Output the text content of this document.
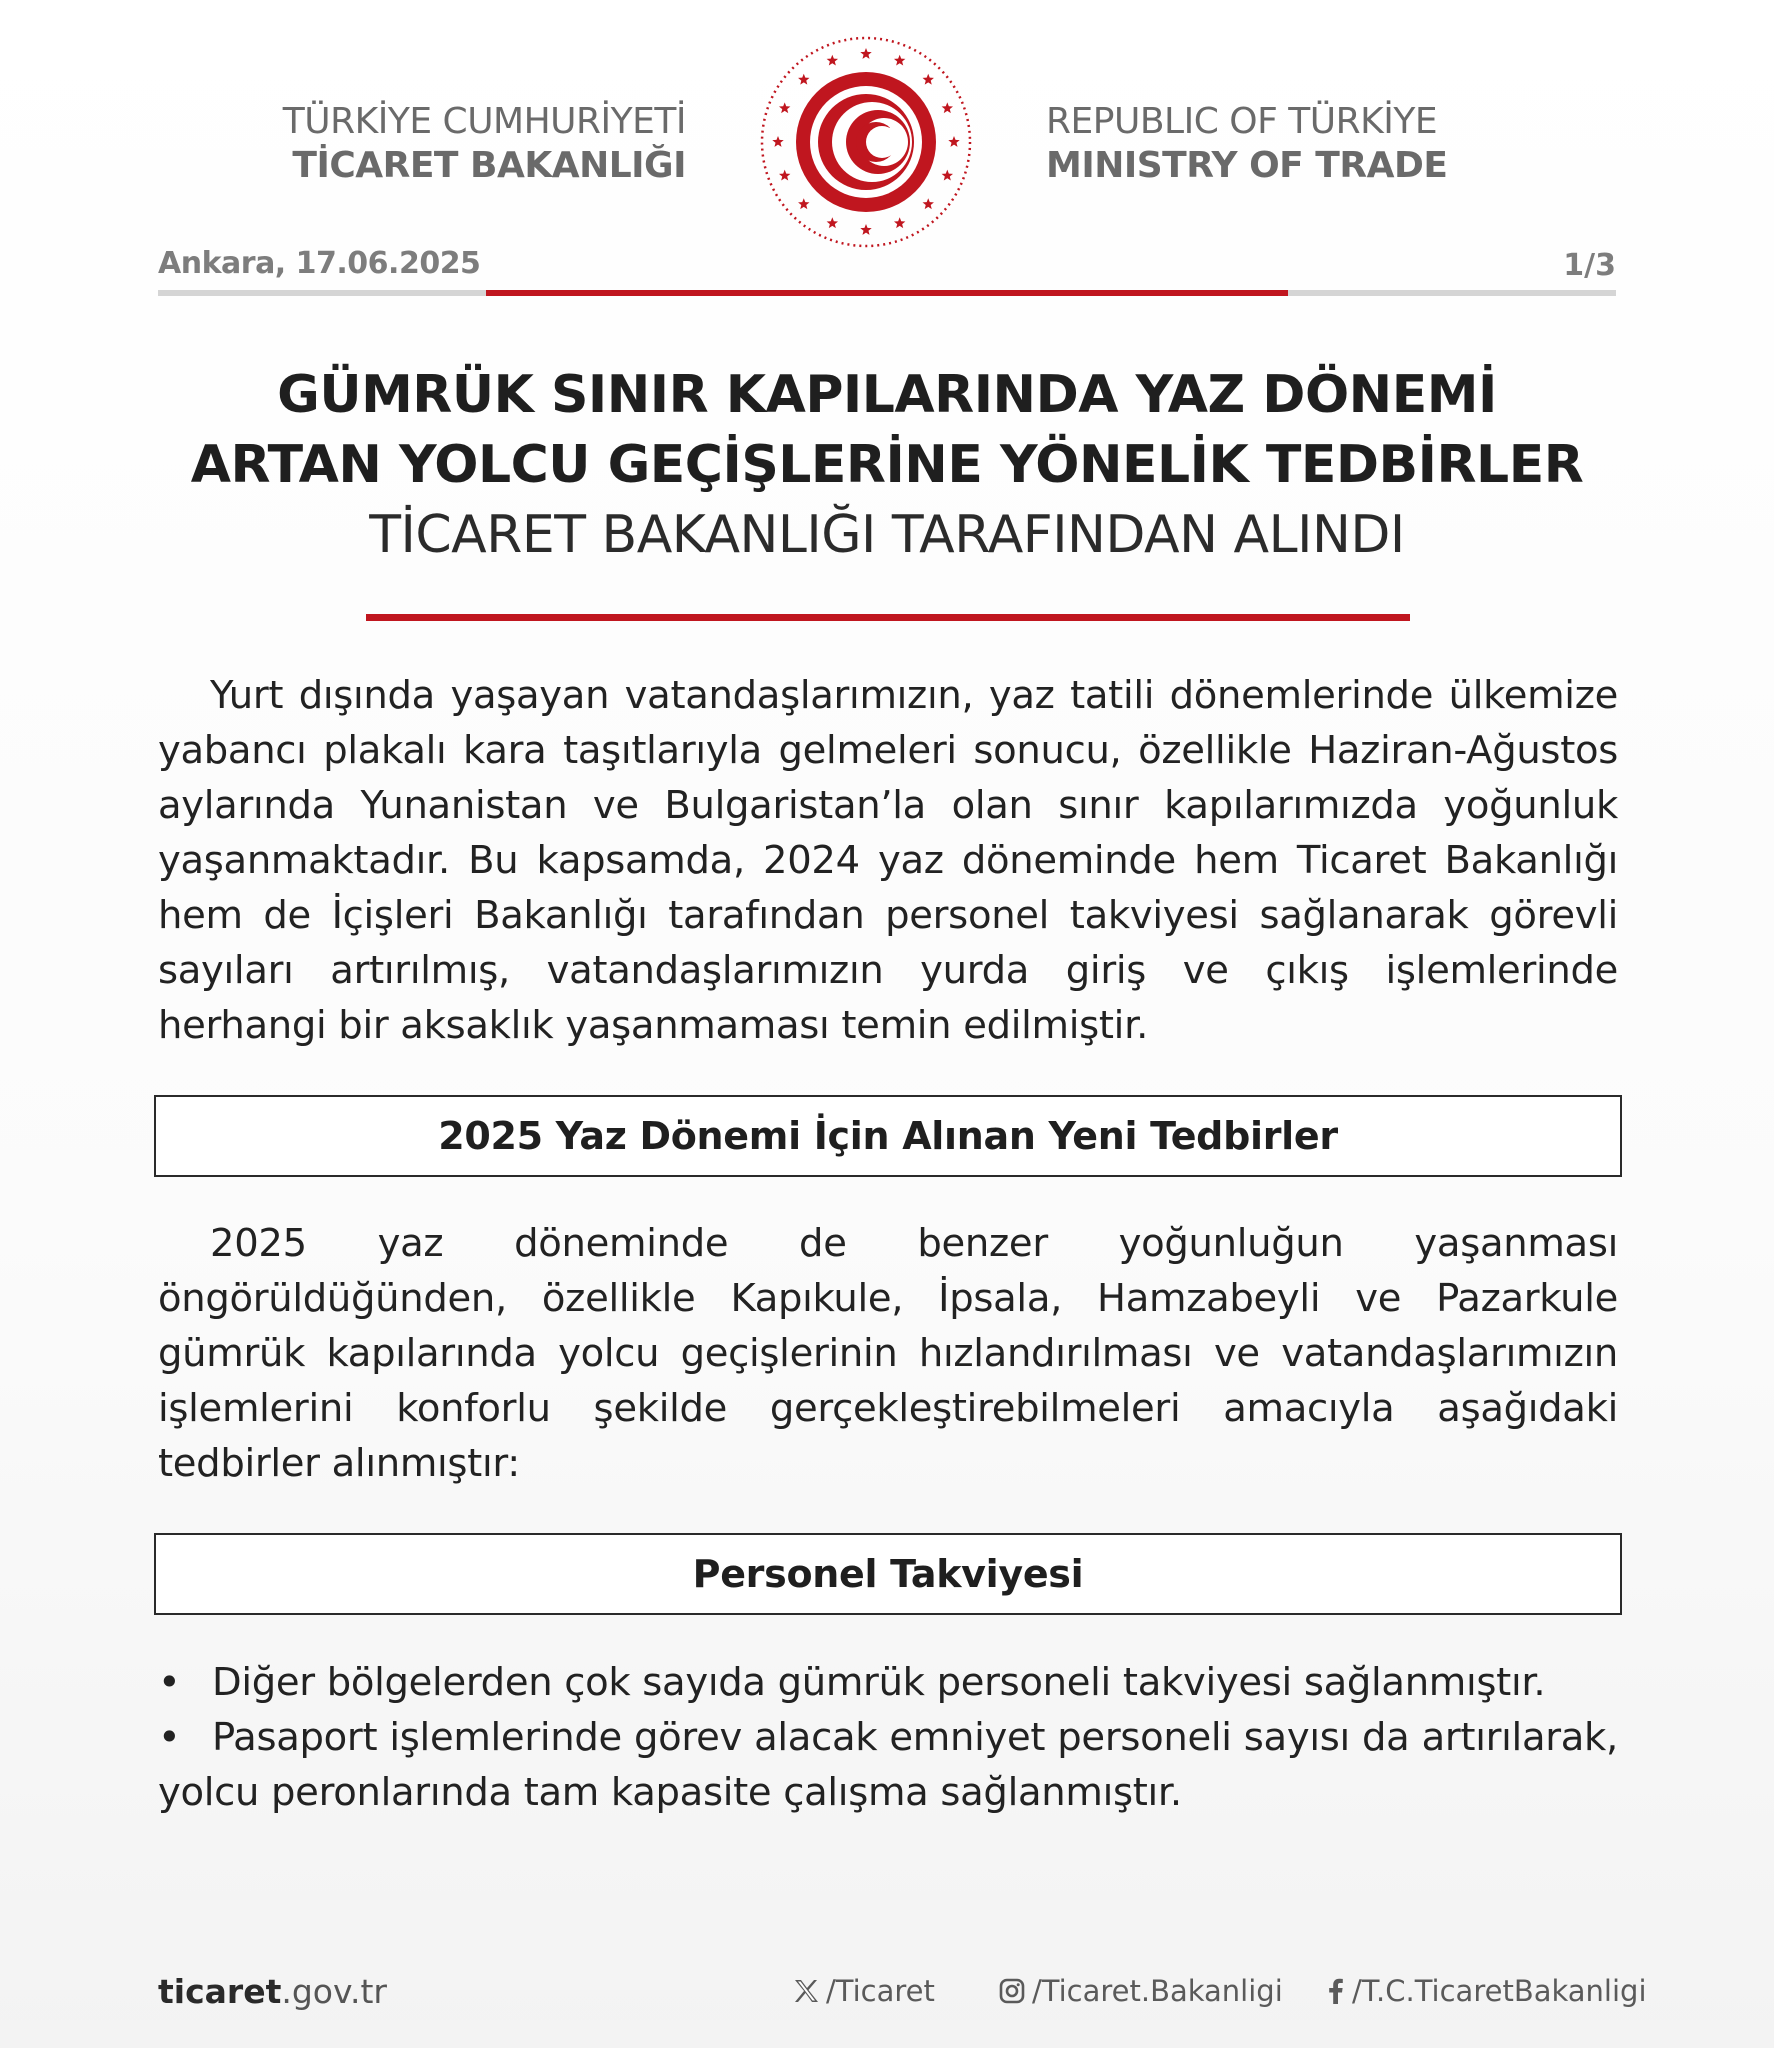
TÜRKİYE CUMHURİYETİ
TİCARET BAKANLIĞI
REPUBLIC OF TÜRKİYE
MINISTRY OF TRADE
Ankara, 17.06.2025	1/3
GÜMRÜK SINIR KAPILARINDA YAZ DÖNEMİ
ARTAN YOLCU GEÇİŞLERİNE YÖNELİK TEDBİRLER
TİCARET BAKANLIĞI TARAFINDAN ALINDI
Yurt dışında yaşayan vatandaşlarımızın, yaz tatili dönemlerinde ülkemize yabancı plakalı kara taşıtlarıyla gelmeleri sonucu, özellikle Haziran-Ağustos aylarında Yunanistan ve Bulgaristan’la olan sınır kapılarımızda yoğunluk yaşanmaktadır. Bu kapsamda, 2024 yaz döneminde hem Ticaret Bakanlığı hem de İçişleri Bakanlığı tarafından personel takviyesi sağlanarak görevli sayıları artırılmış, vatandaşlarımızın yurda giriş ve çıkış işlemlerinde herhangi bir aksaklık yaşanmaması temin edilmiştir.
2025 Yaz Dönemi İçin Alınan Yeni Tedbirler
2025 yaz döneminde de benzer yoğunluğun yaşanması öngörüldüğünden, özellikle Kapıkule, İpsala, Hamzabeyli ve Pazarkule gümrük kapılarında yolcu geçişlerinin hızlandırılması ve vatandaşlarımızın işlemlerini konforlu şekilde gerçekleştirebilmeleri amacıyla aşağıdaki tedbirler alınmıştır:
Personel Takviyesi
• Diğer bölgelerden çok sayıda gümrük personeli takviyesi sağlanmıştır.
• Pasaport işlemlerinde görev alacak emniyet personeli sayısı da artırılarak, yolcu peronlarında tam kapasite çalışma sağlanmıştır.
ticaret.gov.tr	/Ticaret	/Ticaret.Bakanligi /T.C.TicaretBakanligi
